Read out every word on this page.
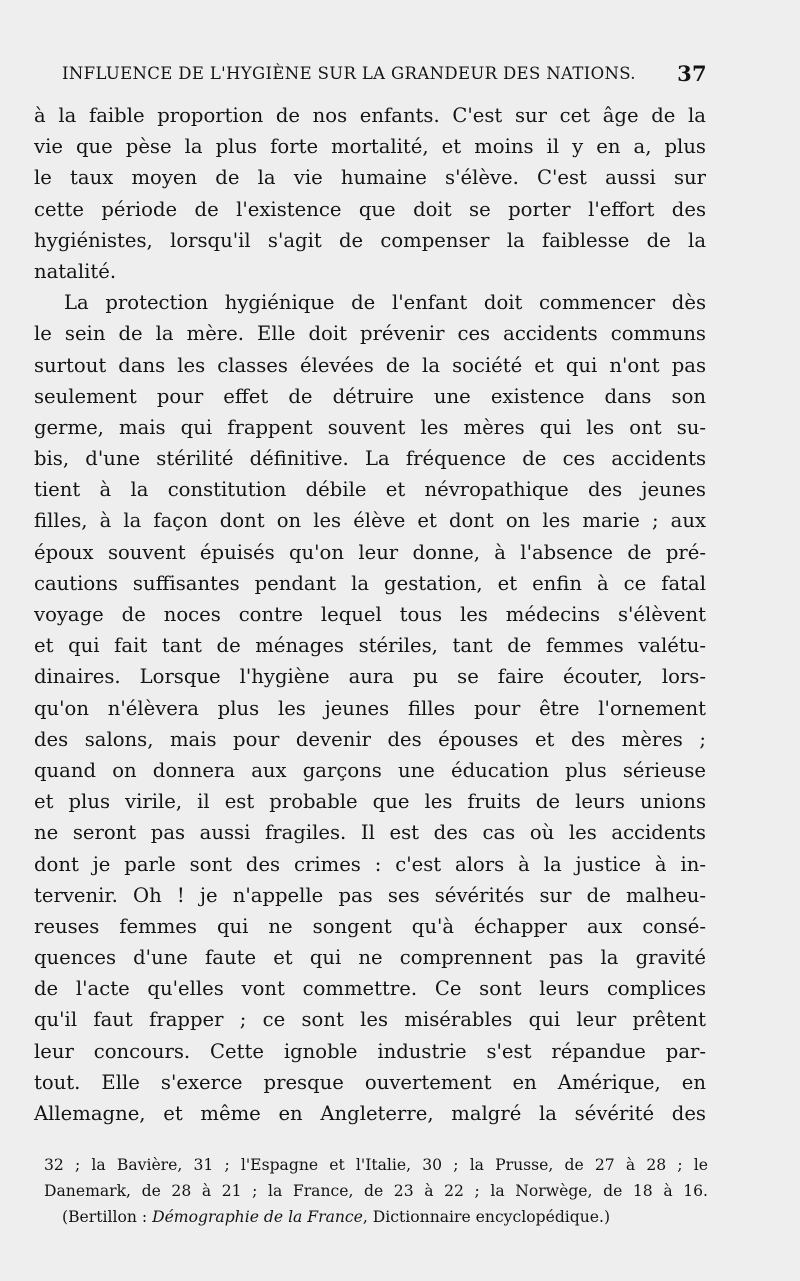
INFLUENCE DE L'HYGIÈNE SUR LA GRANDEUR DES NATIONS. 37
à la faible proportion de nos enfants. C'est sur cet âge de la
vie que pèse la plus forte mortalité, et moins il y en a, plus
le taux moyen de la vie humaine s'élève. C'est aussi sur
cette période de l'existence que doit se porter l'effort des
hygiénistes, lorsqu'il s'agit de compenser la faiblesse de la
natalité.
La protection hygiénique de l'enfant doit commencer dès
le sein de la mère. Elle doit prévenir ces accidents communs
surtout dans les classes élevées de la société et qui n'ont pas
seulement pour effet de détruire une existence dans son
germe, mais qui frappent souvent les mères qui les ont su-
bis, d'une stérilité définitive. La fréquence de ces accidents
tient à la constitution débile et névropathique des jeunes
filles, à la façon dont on les élève et dont on les marie ; aux
époux souvent épuisés qu'on leur donne, à l'absence de pré-
cautions suffisantes pendant la gestation, et enfin à ce fatal
voyage de noces contre lequel tous les médecins s'élèvent
et qui fait tant de ménages stériles, tant de femmes valétu-
dinaires. Lorsque l'hygiène aura pu se faire écouter, lors-
qu'on n'élèvera plus les jeunes filles pour être l'ornement
des salons, mais pour devenir des épouses et des mères ;
quand on donnera aux garçons une éducation plus sérieuse
et plus virile, il est probable que les fruits de leurs unions
ne seront pas aussi fragiles. Il est des cas où les accidents
dont je parle sont des crimes : c'est alors à la justice à in-
tervenir. Oh ! je n'appelle pas ses sévérités sur de malheu-
reuses femmes qui ne songent qu'à échapper aux consé-
quences d'une faute et qui ne comprennent pas la gravité
de l'acte qu'elles vont commettre. Ce sont leurs complices
qu'il faut frapper ; ce sont les misérables qui leur prêtent
leur concours. Cette ignoble industrie s'est répandue par-
tout. Elle s'exerce presque ouvertement en Amérique, en
Allemagne, et même en Angleterre, malgré la sévérité des
32 ; la Bavière, 31 ; l'Espagne et l'Italie, 30 ; la Prusse, de 27 à 28 ; le
Danemark, de 28 à 21 ; la France, de 23 à 22 ; la Norwège, de 18 à 16.
(Bertillon : Démographie de la France, Dictionnaire encyclopédique.)
